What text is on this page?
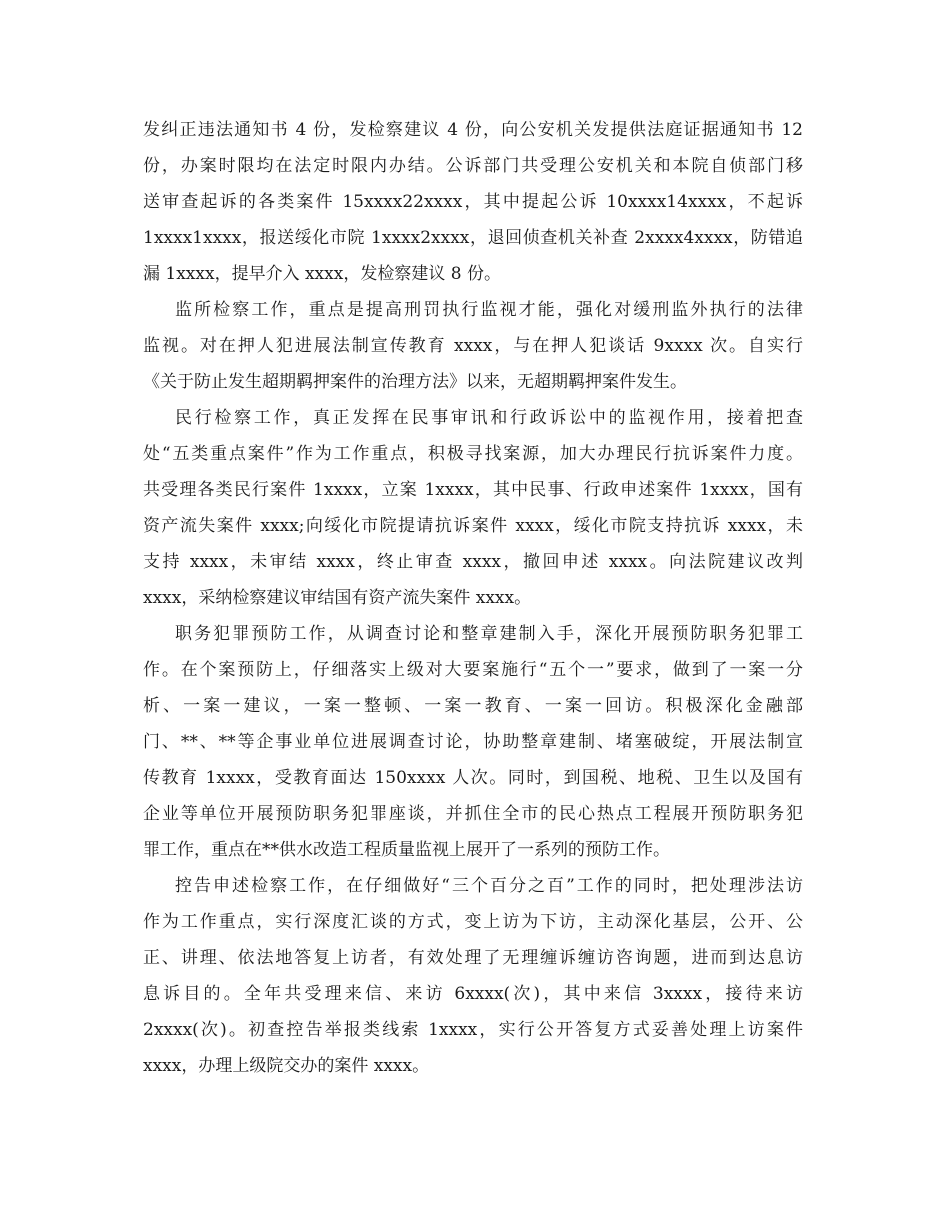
发纠正违法通知书 4 份，发检察建议 4 份，向公安机关发提供法庭证据通知书 12
份，办案时限均在法定时限内办结。公诉部门共受理公安机关和本院自侦部门移
送审查起诉的各类案件 15xxxx22xxxx，其中提起公诉 10xxxx14xxxx，不起诉
1xxxx1xxxx，报送绥化市院 1xxxx2xxxx，退回侦查机关补查 2xxxx4xxxx，防错追
漏 1xxxx，提早介入 xxxx，发检察建议 8 份。
监所检察工作，重点是提高刑罚执行监视才能，强化对缓刑监外执行的法律
监视。对在押人犯进展法制宣传教育 xxxx，与在押人犯谈话 9xxxx 次。自实行
《关于防止发生超期羁押案件的治理方法》以来，无超期羁押案件发生。
民行检察工作，真正发挥在民事审讯和行政诉讼中的监视作用，接着把查
处“五类重点案件”作为工作重点，积极寻找案源，加大办理民行抗诉案件力度。
共受理各类民行案件 1xxxx，立案 1xxxx，其中民事、行政申述案件 1xxxx，国有
资产流失案件 xxxx;向绥化市院提请抗诉案件 xxxx，绥化市院支持抗诉 xxxx，未
支持 xxxx，未审结 xxxx，终止审查 xxxx，撤回申述 xxxx。向法院建议改判
xxxx，采纳检察建议审结国有资产流失案件 xxxx。
职务犯罪预防工作，从调查讨论和整章建制入手，深化开展预防职务犯罪工
作。在个案预防上，仔细落实上级对大要案施行“五个一”要求，做到了一案一分
析、一案一建议，一案一整顿、一案一教育、一案一回访。积极深化金融部
门、**、**等企事业单位进展调查讨论，协助整章建制、堵塞破绽，开展法制宣
传教育 1xxxx，受教育面达 150xxxx 人次。同时，到国税、地税、卫生以及国有
企业等单位开展预防职务犯罪座谈，并抓住全市的民心热点工程展开预防职务犯
罪工作，重点在**供水改造工程质量监视上展开了一系列的预防工作。
控告申述检察工作，在仔细做好“三个百分之百”工作的同时，把处理涉法访
作为工作重点，实行深度汇谈的方式，变上访为下访，主动深化基层，公开、公
正、讲理、依法地答复上访者，有效处理了无理缠诉缠访咨询题，进而到达息访
息诉目的。全年共受理来信、来访 6xxxx(次)，其中来信 3xxxx，接待来访
2xxxx(次)。初查控告举报类线索 1xxxx，实行公开答复方式妥善处理上访案件
xxxx，办理上级院交办的案件 xxxx。
